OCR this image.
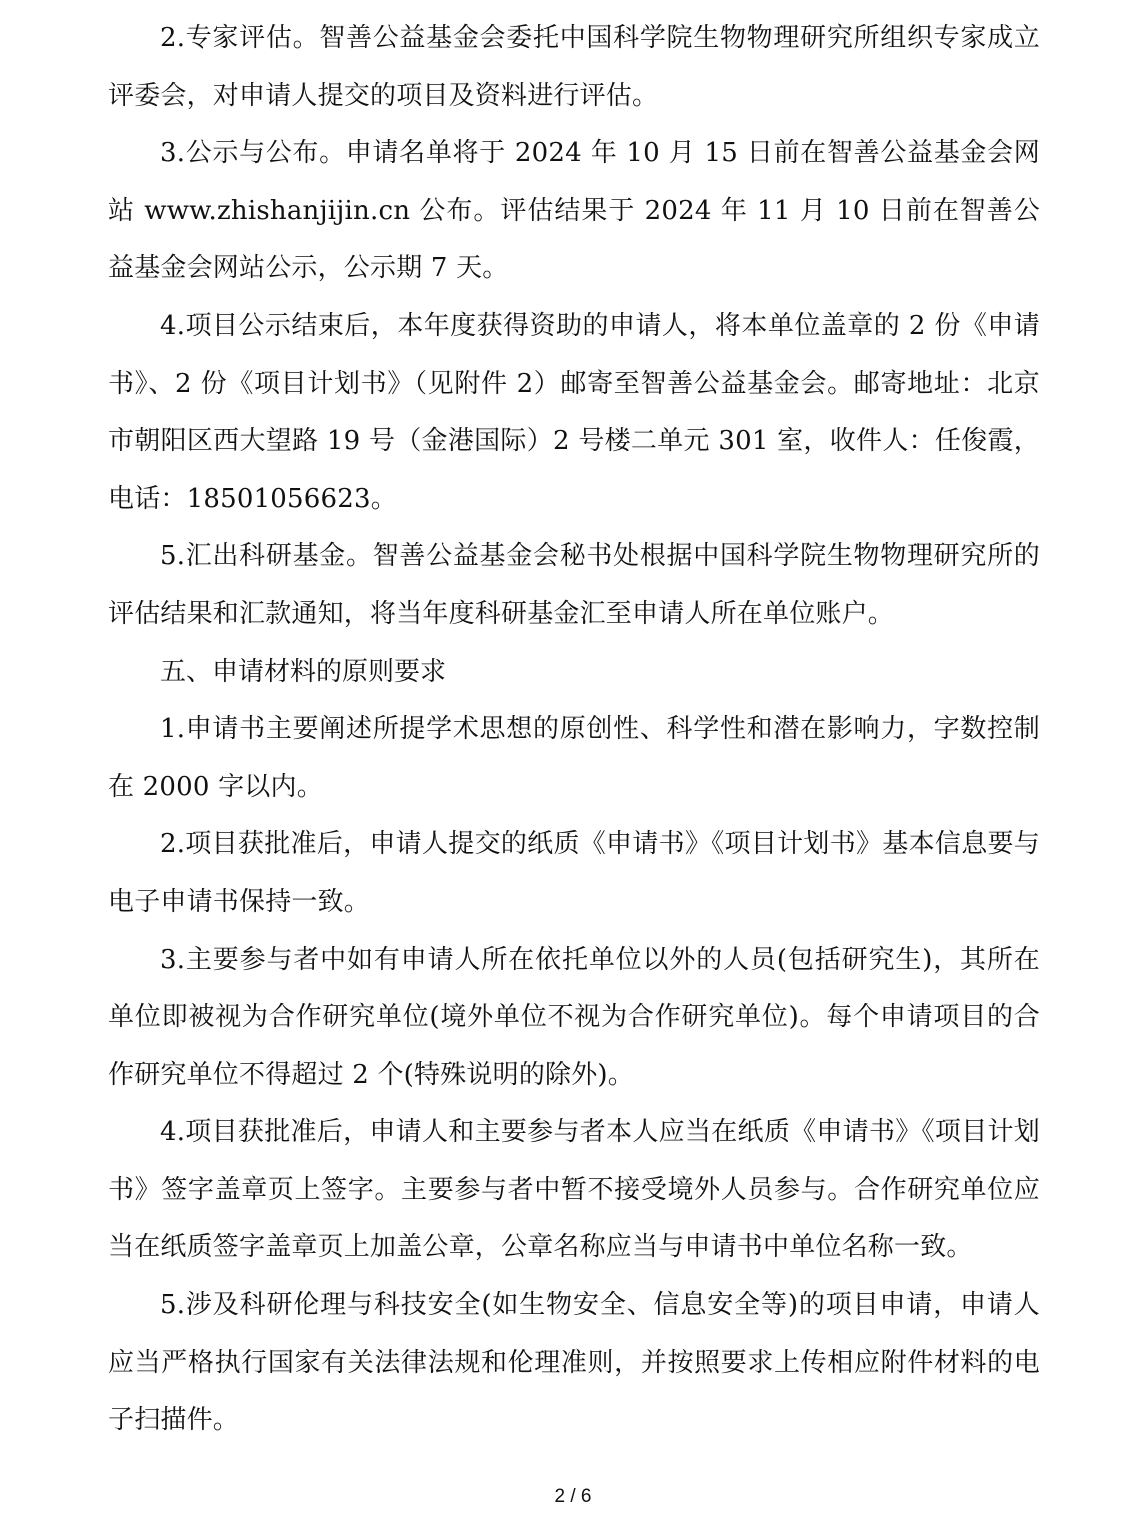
2.专家评估。智善公益基金会委托中国科学院生物物理研究所组织专家成立评委会，对申请人提交的项目及资料进行评估。

3.公示与公布。申请名单将于 2024 年 10 月 15 日前在智善公益基金会网站 www.zhishanjijin.cn 公布。评估结果于 2024 年 11 月 10 日前在智善公益基金会网站公示，公示期 7 天。

4.项目公示结束后，本年度获得资助的申请人，将本单位盖章的 2 份《申请书》、2 份《项目计划书》（见附件 2）邮寄至智善公益基金会。邮寄地址：北京市朝阳区西大望路 19 号（金港国际）2 号楼二单元 301 室，收件人：任俊霞，电话：18501056623。

5.汇出科研基金。智善公益基金会秘书处根据中国科学院生物物理研究所的评估结果和汇款通知，将当年度科研基金汇至申请人所在单位账户。

五、申请材料的原则要求

1.申请书主要阐述所提学术思想的原创性、科学性和潜在影响力，字数控制在 2000 字以内。

2.项目获批准后，申请人提交的纸质《申请书》《项目计划书》基本信息要与电子申请书保持一致。

3.主要参与者中如有申请人所在依托单位以外的人员(包括研究生)，其所在单位即被视为合作研究单位(境外单位不视为合作研究单位)。每个申请项目的合作研究单位不得超过 2 个(特殊说明的除外)。

4.项目获批准后，申请人和主要参与者本人应当在纸质《申请书》《项目计划书》签字盖章页上签字。主要参与者中暂不接受境外人员参与。合作研究单位应当在纸质签字盖章页上加盖公章，公章名称应当与申请书中单位名称一致。

5.涉及科研伦理与科技安全(如生物安全、信息安全等)的项目申请，申请人应当严格执行国家有关法律法规和伦理准则，并按照要求上传相应附件材料的电子扫描件。

2 / 6
